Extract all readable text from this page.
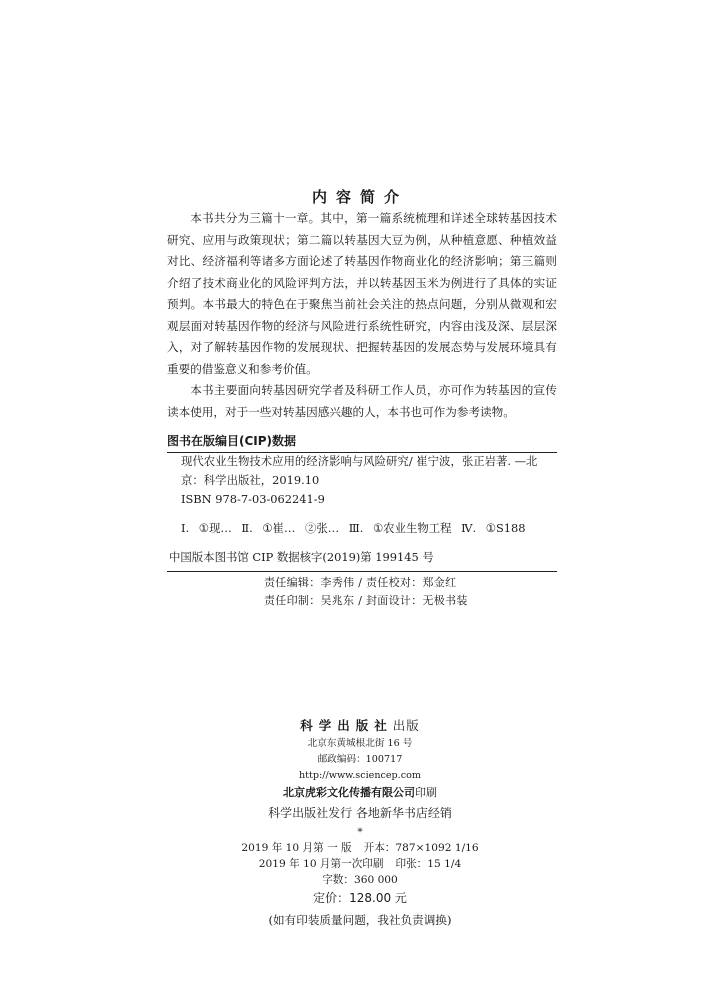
内容简介

本书共分为三篇十一章。其中，第一篇系统梳理和详述全球转基因技术研究、应用与政策现状；第二篇以转基因大豆为例，从种植意愿、种植效益对比、经济福利等诸多方面论述了转基因作物商业化的经济影响；第三篇则介绍了技术商业化的风险评判方法，并以转基因玉米为例进行了具体的实证预判。本书最大的特色在于聚焦当前社会关注的热点问题，分别从微观和宏观层面对转基因作物的经济与风险进行系统性研究，内容由浅及深、层层深入，对了解转基因作物的发展现状、把握转基因的发展态势与发展环境具有重要的借鉴意义和参考价值。

本书主要面向转基因研究学者及科研工作人员，亦可作为转基因的宣传读本使用，对于一些对转基因感兴趣的人，本书也可作为参考读物。

图书在版编目(CIP)数据

现代农业生物技术应用的经济影响与风险研究/ 崔宁波，张正岩著. —北京：科学出版社，2019.10

ISBN 978-7-03-062241-9

Ⅰ. ①现… Ⅱ. ①崔… ②张… Ⅲ. ①农业生物工程 Ⅳ. ①S188

中国版本图书馆 CIP 数据核字(2019)第 199145 号

责任编辑：李秀伟 / 责任校对：郑金红
责任印制：吴兆东 / 封面设计：无极书装
科学出版社出版
北京东黄城根北街 16 号
邮政编码：100717
http://www.sciencep.com
北京虎彩文化传播有限公司印刷
科学出版社发行 各地新华书店经销
*
2019 年 10 月第 一 版 开本：787×1092 1/16
2019 年 10 月第一次印刷 印张：15 1/4
字数：360 000
定价：128.00 元
(如有印装质量问题，我社负责调换)
